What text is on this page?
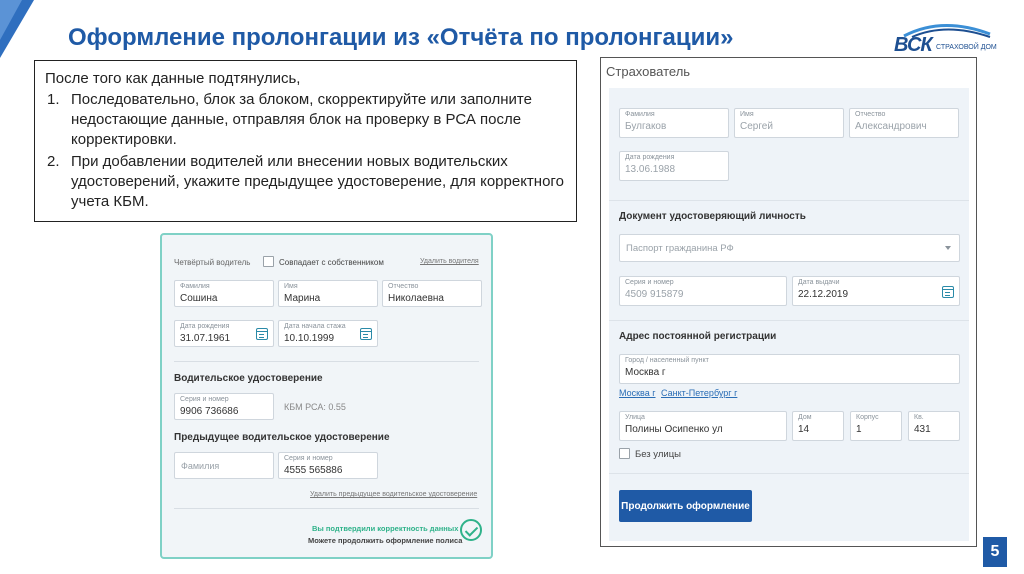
Оформление пролонгации из «Отчёта по пролонгации»	ВСК СТРАХОВОЙ ДОМ
После того как данные подтянулись,
1. Последовательно, блок за блоком, скорректируйте или заполните недостающие данные, отправляя блок на проверку в РСА после корректировки.
2. При добавлении водителей или внесении новых водительских удостоверений, укажите предыдущее удостоверение, для корректного учета КБМ.
Четвёртый водитель	Совпадает с собственником	Удалить водителя
Фамилия
Сошина
Имя
Марина
Отчество
Николаевна
Дата рождения
31.07.1961
Дата начала стажа
10.10.1999
Водительское удостоверение
Серия и номер
9906 736686	КБМ РСА: 0.55
Предыдущее водительское удостоверение
Фамилия
Серия и номер
4555 565886
Удалить предыдущее водительское удостоверение
Вы подтвердили корректность данных
Можете продолжить оформление полиса
Страхователь
Фамилия
Булгаков
Имя
Сергей
Отчество
Александрович
Дата рождения
13.06.1988
Документ удостоверяющий личность
Паспорт гражданина РФ
Серия и номер
4509 915879
Дата выдачи
22.12.2019
Адрес постоянной регистрации
Город / населенный пункт
Москва г
Москва г Санкт-Петербург г
Улица
Полины Осипенко ул
Дом
14
Корпус
1
Кв.
431
Без улицы
Продолжить оформление
5
